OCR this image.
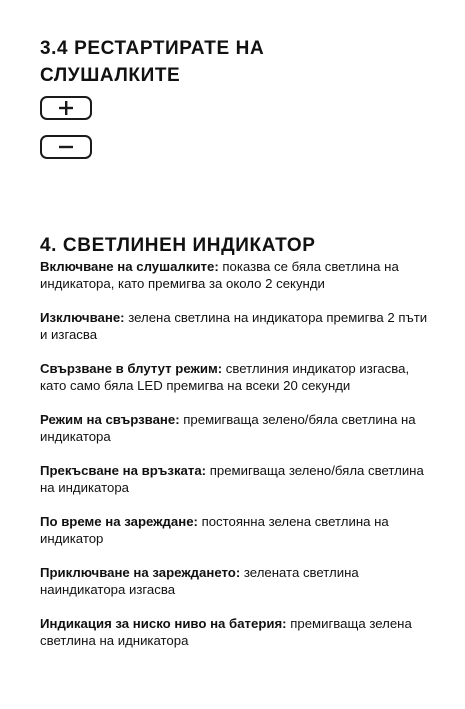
3.4 РЕСТАРТИРАТЕ НА СЛУШАЛКИТЕ
4. СВЕТЛИНЕН ИНДИКАТОР

Включване на слушалките: показва се бяла светлина на индикатора, като премигва за около 2 секунди

Изключване: зелена светлина на индикатора премигва 2 пъти и изгасва

Свързване в блутут режим: светлиния индикатор изгасва, като само бяла LED премигва на всеки 20 секунди

Режим на свързване: премигваща зелено/бяла светлина на индикатора

Прекъсване на връзката: премигваща зелено/бяла светлина на индикатора

По време на зареждане: постоянна зелена светлина на индикатор

Приключване на зареждането: зелената светлина наиндикатора изгасва

Индикация за ниско ниво на батерия: премигваща зелена светлина на идникатора
